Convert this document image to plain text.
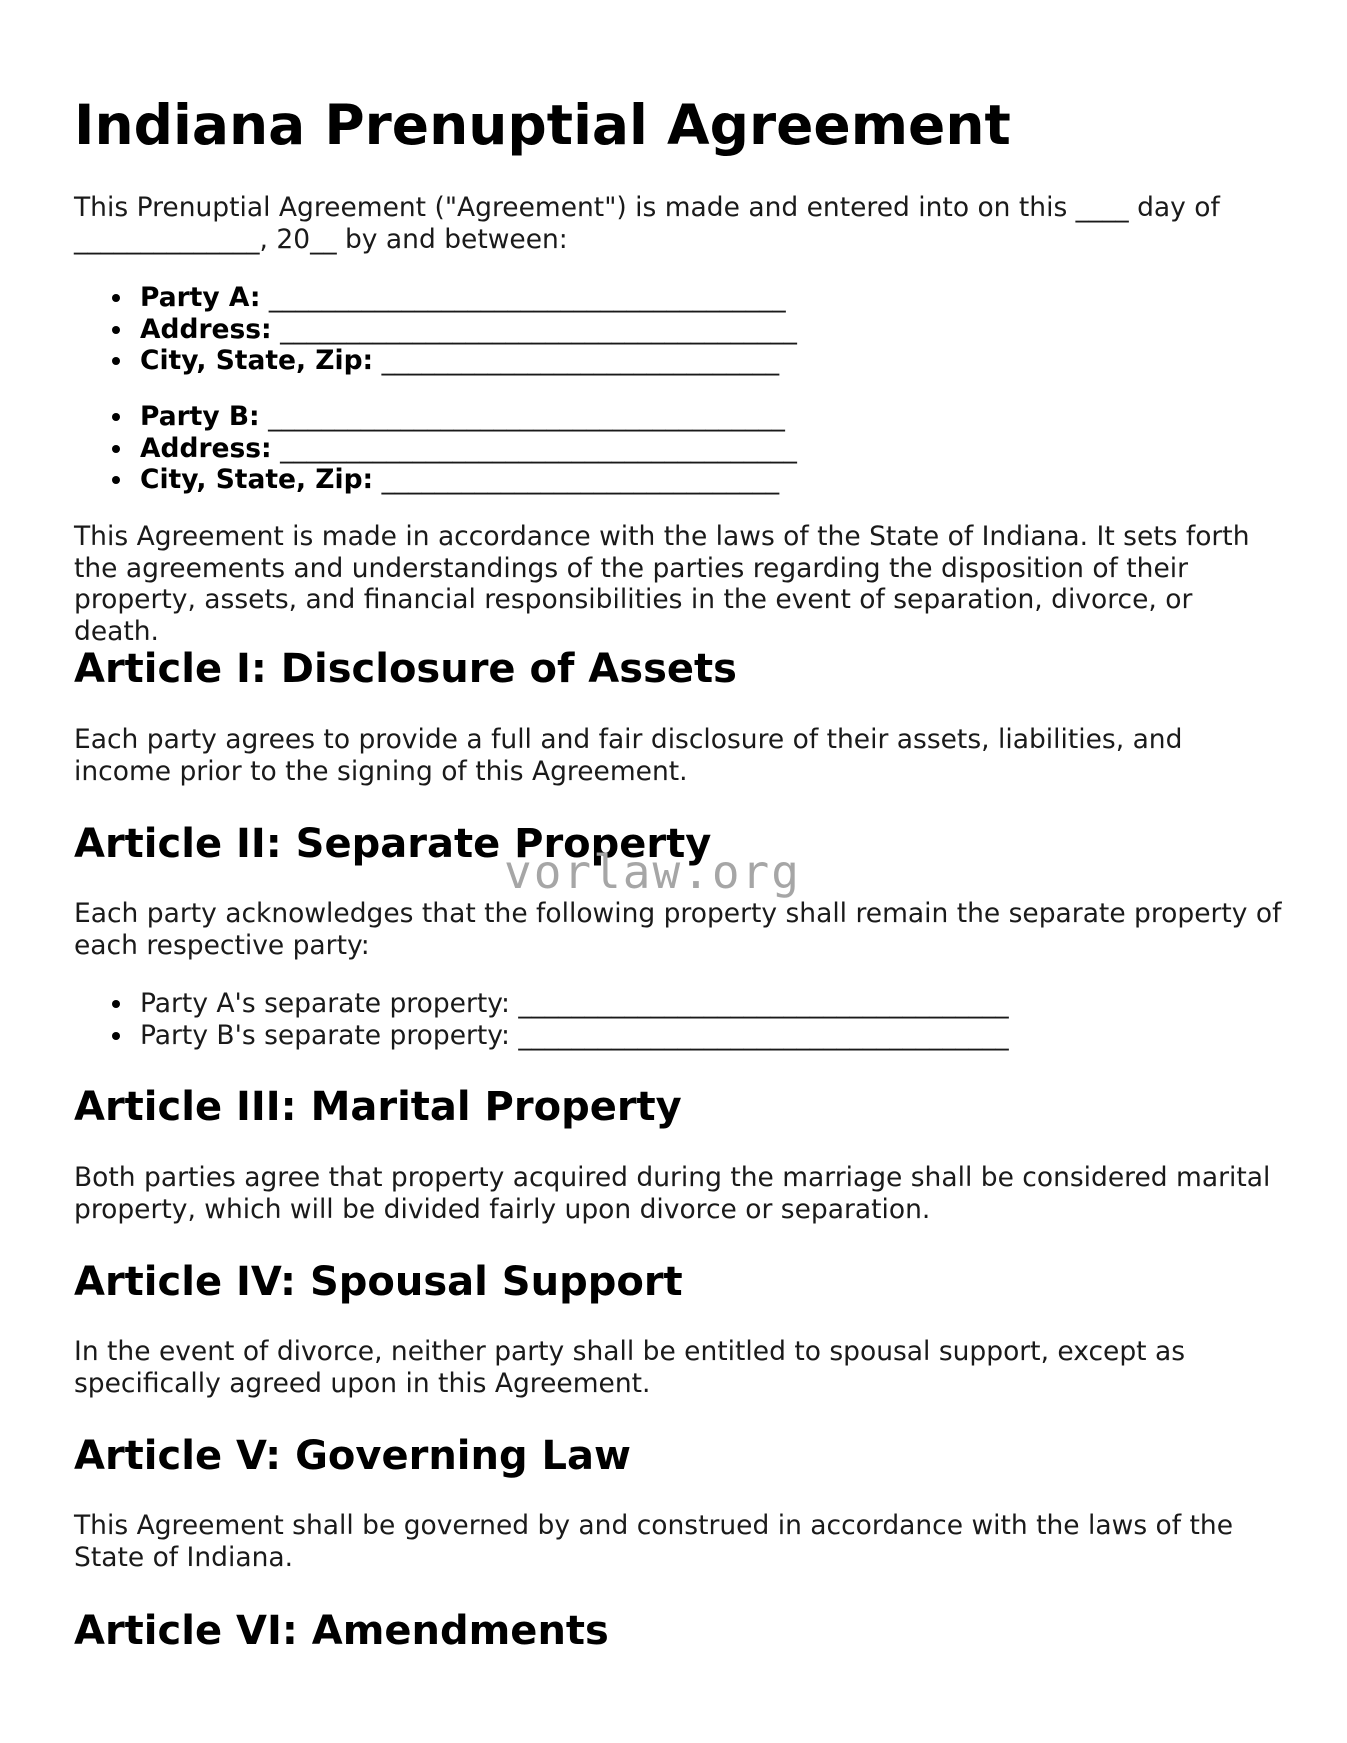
Indiana Prenuptial Agreement

This Prenuptial Agreement ("Agreement") is made and entered into on this ____ day of ______________, 20__ by and between:

Party A: _______________________________________
Address: _______________________________________
City, State, Zip: ______________________________
Party B: _______________________________________
Address: _______________________________________
City, State, Zip: ______________________________

This Agreement is made in accordance with the laws of the State of Indiana. It sets forth the agreements and understandings of the parties regarding the disposition of their property, assets, and financial responsibilities in the event of separation, divorce, or death.

Article I: Disclosure of Assets

Each party agrees to provide a full and fair disclosure of their assets, liabilities, and income prior to the signing of this Agreement.

Article II: Separate Property

Each party acknowledges that the following property shall remain the separate property of each respective party:

Party A's separate property: _____________________________________
Party B's separate property: _____________________________________
Article III: Marital Property

Both parties agree that property acquired during the marriage shall be considered marital property, which will be divided fairly upon divorce or separation.

Article IV: Spousal Support

In the event of divorce, neither party shall be entitled to spousal support, except as specifically agreed upon in this Agreement.

Article V: Governing Law

This Agreement shall be governed by and construed in accordance with the laws of the State of Indiana.

Article VI: Amendments
vorlaw.org
